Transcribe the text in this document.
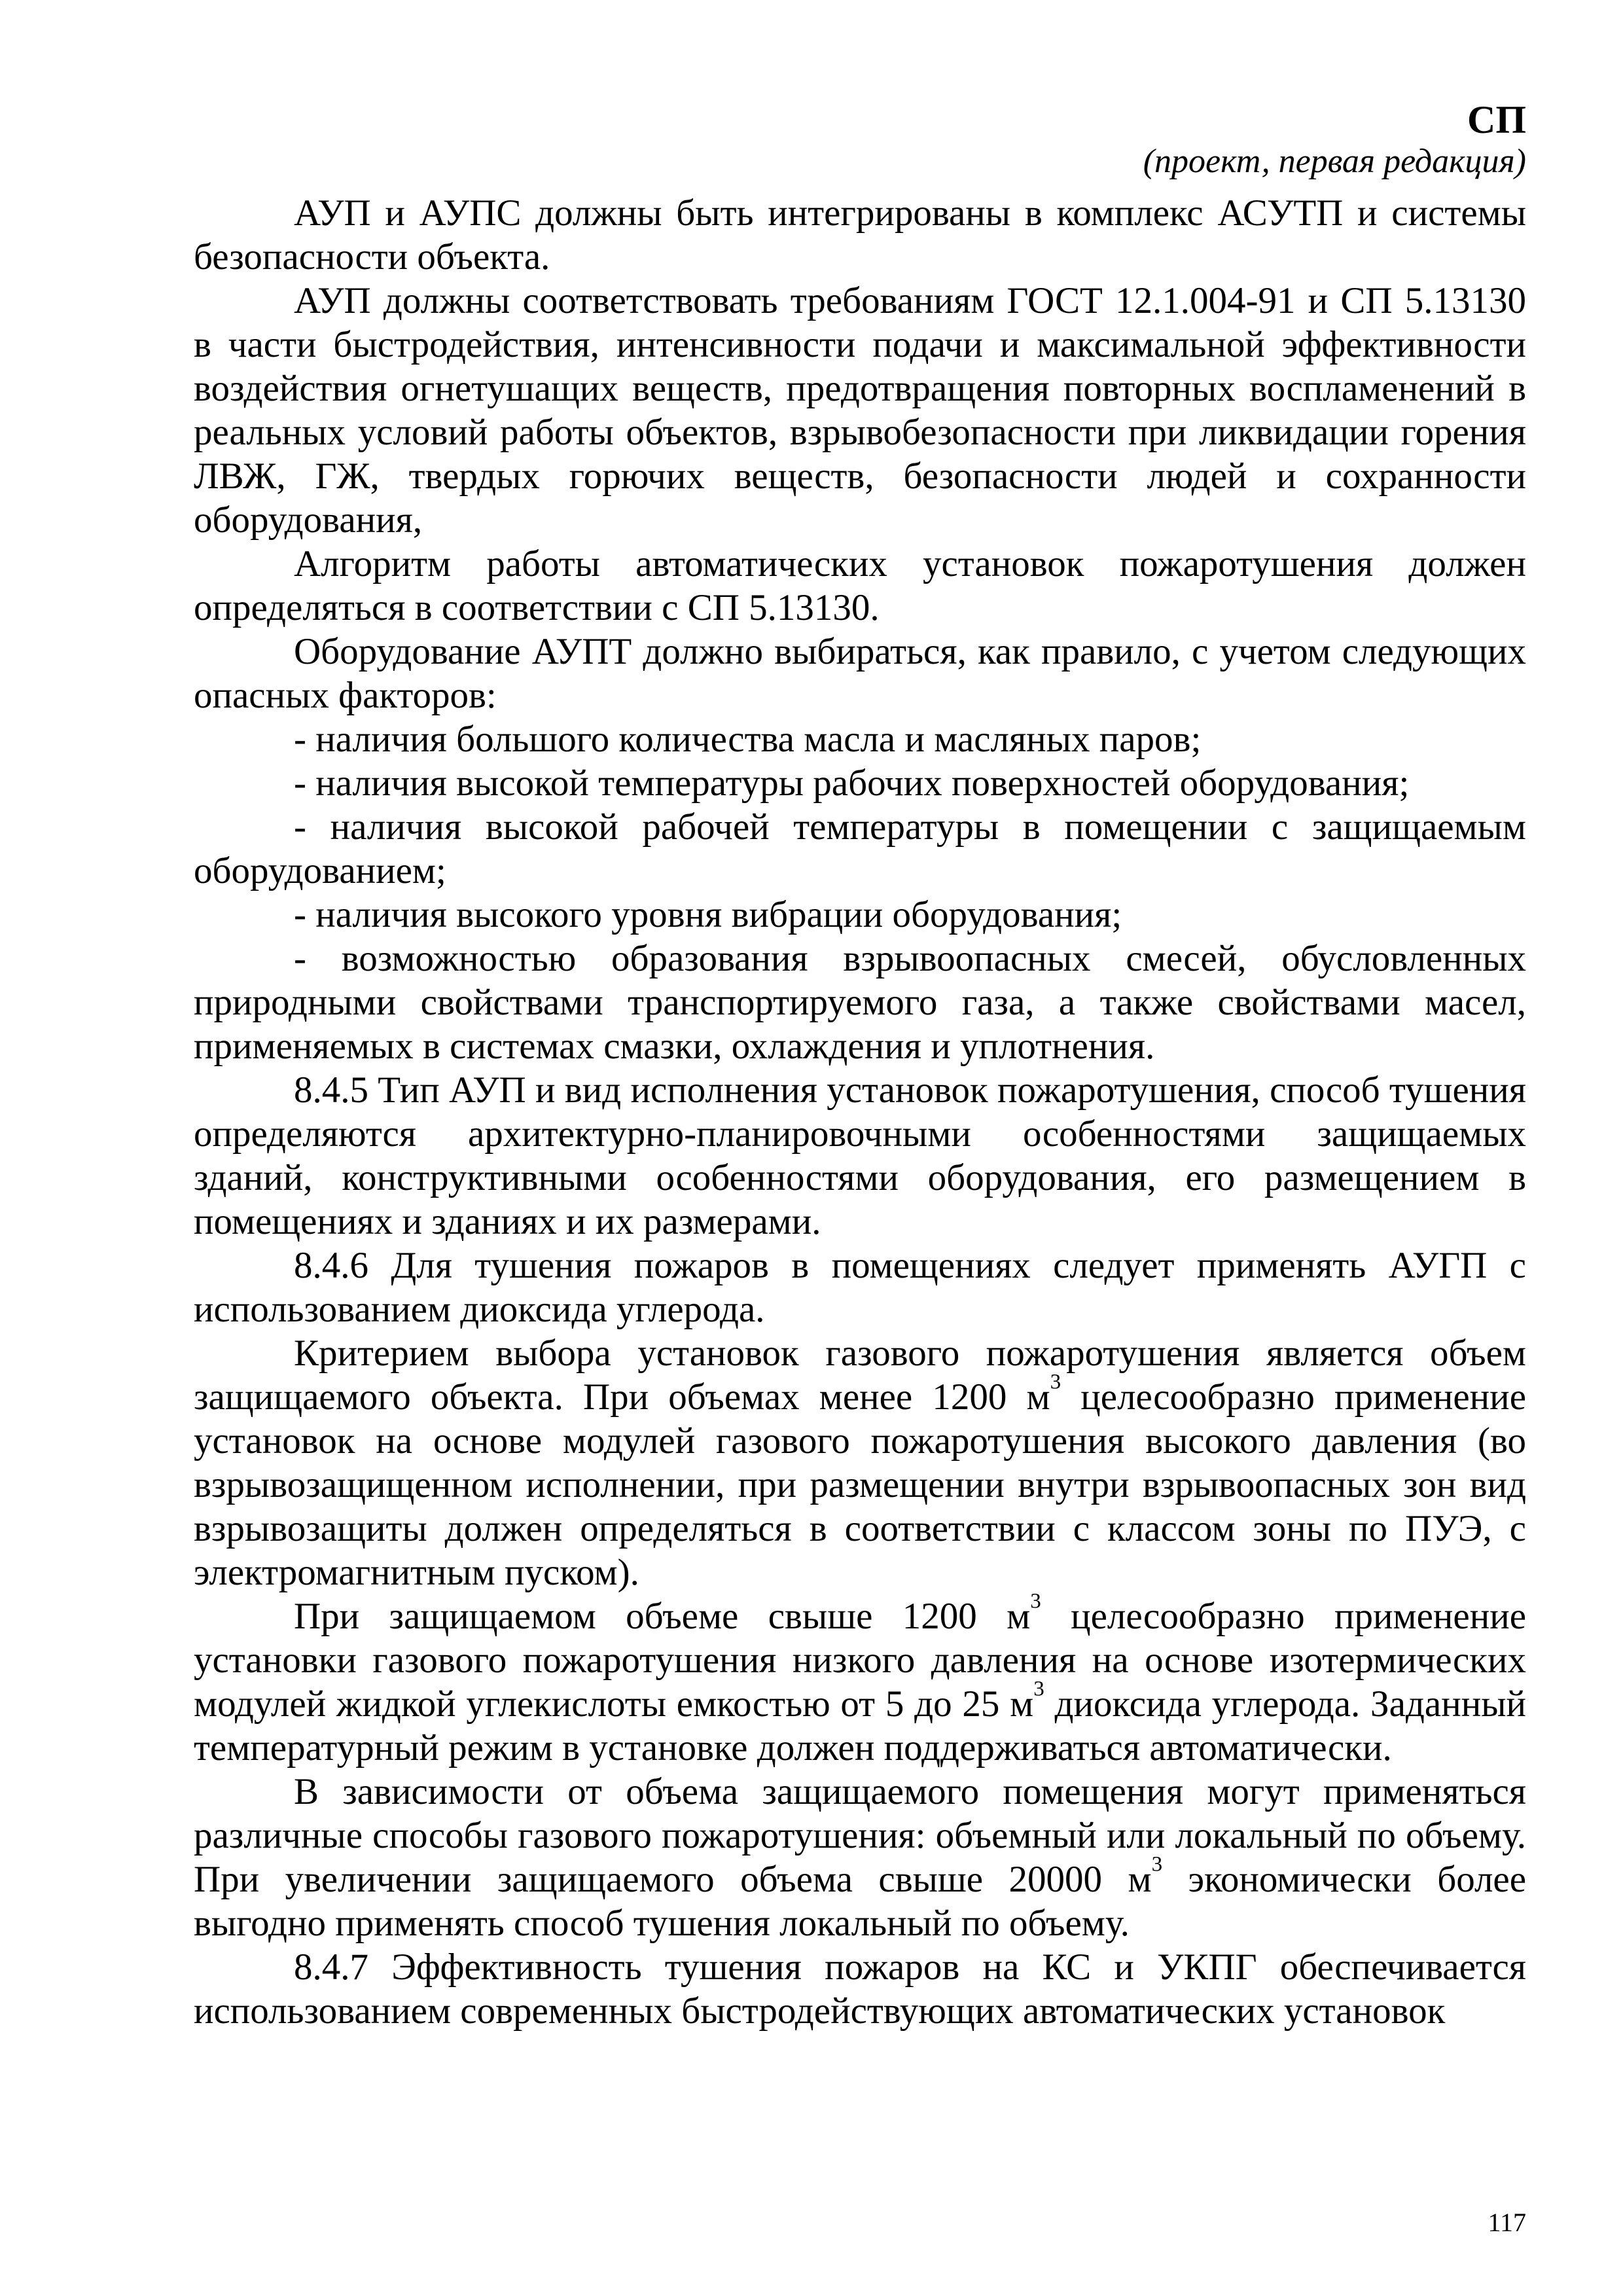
СП
(проект, первая редакция)

АУП и АУПС должны быть интегрированы в комплекс АСУТП и системы безопасности объекта.

АУП должны соответствовать требованиям ГОСТ 12.1.004-91 и СП 5.13130 в части быстродействия, интенсивности подачи и максимальной эффективности воздействия огнетушащих веществ, предотвращения повторных воспламенений в реальных условий работы объектов, взрывобезопасности при ликвидации горения ЛВЖ, ГЖ, твердых горючих веществ, безопасности людей и сохранности оборудования,

Алгоритм работы автоматических установок пожаротушения должен определяться в соответствии с СП 5.13130.

Оборудование АУПТ должно выбираться, как правило, с учетом следующих опасных факторов:

- наличия большого количества масла и масляных паров;

- наличия высокой температуры рабочих поверхностей оборудования;

- наличия высокой рабочей температуры в помещении с защищаемым оборудованием;

- наличия высокого уровня вибрации оборудования;

- возможностью образования взрывоопасных смесей, обусловленных природными свойствами транспортируемого газа, а также свойствами масел, применяемых в системах смазки, охлаждения и уплотнения.

8.4.5 Тип АУП и вид исполнения установок пожаротушения, способ тушения определяются архитектурно-планировочными особенностями защищаемых зданий, конструктивными особенностями оборудования, его размещением в помещениях и зданиях и их размерами.

8.4.6 Для тушения пожаров в помещениях следует применять АУГП с использованием диоксида углерода.

Критерием выбора установок газового пожаротушения является объем защищаемого объекта. При объемах менее 1200 $м^3$ целесообразно применение установок на основе модулей газового пожаротушения высокого давления (во взрывозащищенном исполнении, при размещении внутри взрывоопасных зон вид взрывозащиты должен определяться в соответствии с классом зоны по ПУЭ, с электромагнитным пуском).

При защищаемом объеме свыше 1200 $м^3$ целесообразно применение установки газового пожаротушения низкого давления на основе изотермических модулей жидкой углекислоты емкостью от 5 до 25 $м^3$ диоксида углерода. Заданный температурный режим в установке должен поддерживаться автоматически.

В зависимости от объема защищаемого помещения могут применяться различные способы газового пожаротушения: объемный или локальный по объему. При увеличении защищаемого объема свыше 20000 $м^3$ экономически более выгодно применять способ тушения локальный по объему.

8.4.7 Эффективность тушения пожаров на КС и УКПГ обеспечивается использованием современных быстродействующих автоматических установок

117
